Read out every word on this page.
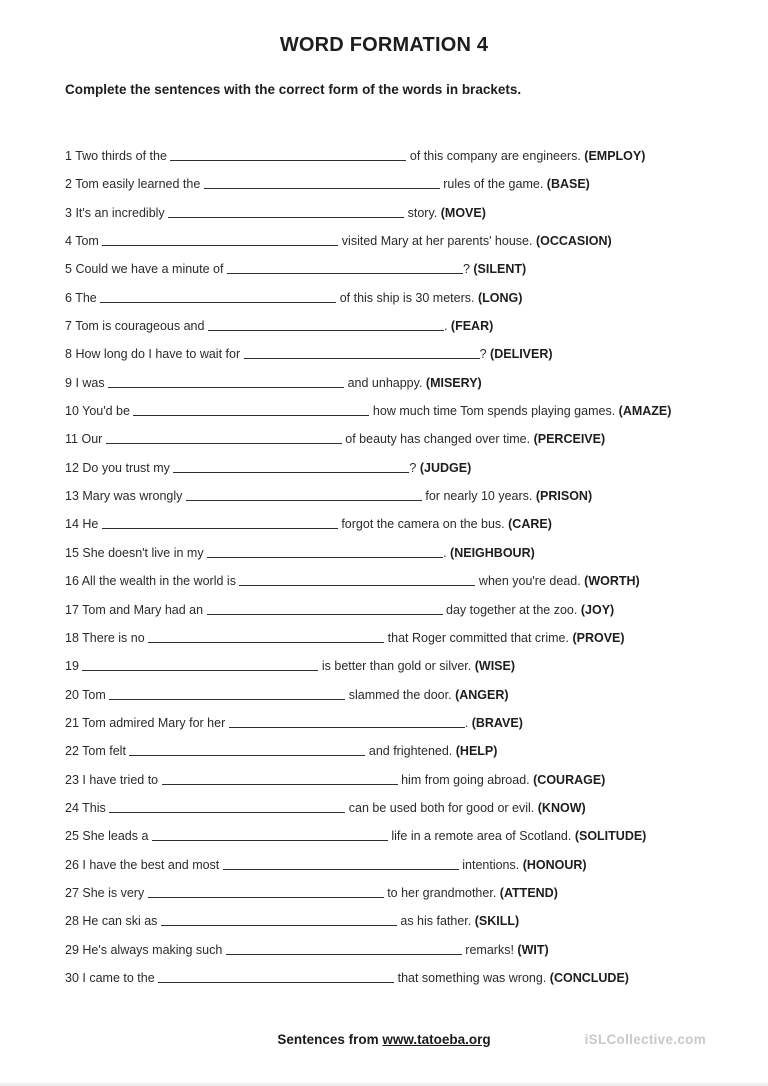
WORD FORMATION 4
Complete the sentences with the correct form of the words in brackets.
1 Two thirds of the	of this company are engineers. (EMPLOY)
2 Tom easily learned the	rules of the game. (BASE)
3 It's an incredibly	story. (MOVE)
4 Tom	visited Mary at her parents' house. (OCCASION)
5 Could we have a minute of	? (SILENT)
6 The	of this ship is 30 meters. (LONG)
7 Tom is courageous and	. (FEAR)
8 How long do I have to wait for	? (DELIVER)
9 I was	and unhappy. (MISERY)
10 You'd be	how much time Tom spends playing games. (AMAZE)
11 Our	of beauty has changed over time. (PERCEIVE)
12 Do you trust my	? (JUDGE)
13 Mary was wrongly	for nearly 10 years. (PRISON)
14 He	forgot the camera on the bus. (CARE)
15 She doesn't live in my	. (NEIGHBOUR)
16 All the wealth in the world is	when you're dead. (WORTH)
17 Tom and Mary had an	day together at the zoo. (JOY)
18 There is no	that Roger committed that crime. (PROVE)
19	is better than gold or silver. (WISE)
20 Tom	slammed the door. (ANGER)
21 Tom admired Mary for her	. (BRAVE)
22 Tom felt	and frightened. (HELP)
23 I have tried to	him from going abroad. (COURAGE)
24 This	can be used both for good or evil. (KNOW)
25 She leads a	life in a remote area of Scotland. (SOLITUDE)
26 I have the best and most	intentions. (HONOUR)
27 She is very	to her grandmother. (ATTEND)
28 He can ski as	as his father. (SKILL)
29 He's always making such	remarks! (WIT)
30 I came to the	that something was wrong. (CONCLUDE)
Sentences from www.tatoeba.org	iSLCollective.com
